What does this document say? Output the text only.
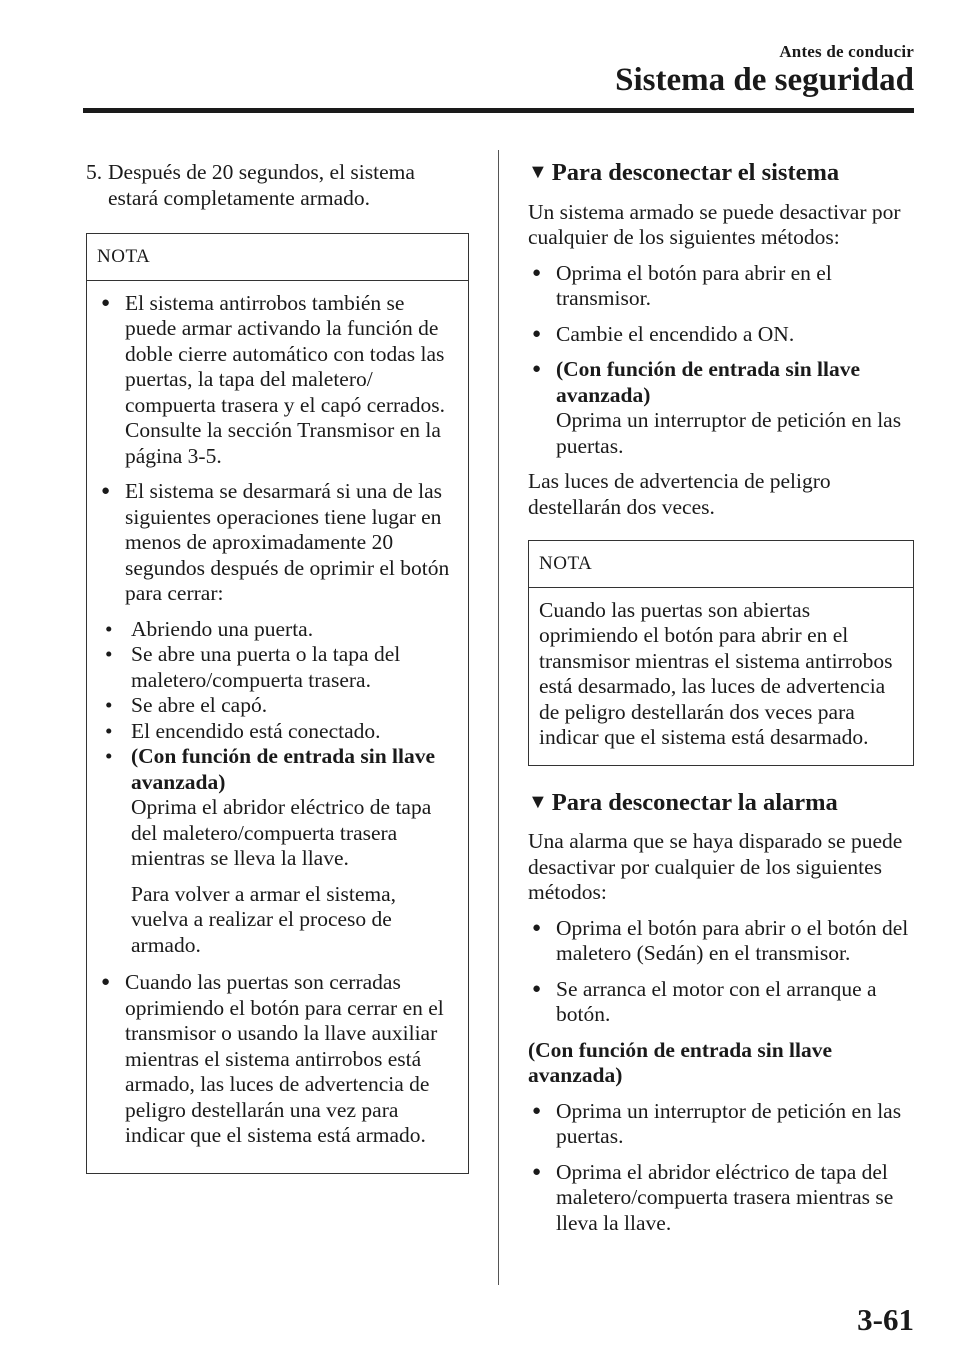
Antes de conducir
Sistema de seguridad
5. Después de 20 segundos, el sistema estará completamente armado.
NOTA
● El sistema antirrobos también se puede armar activando la función de doble cierre automático con todas las puertas, la tapa del maletero/ compuerta trasera y el capó cerrados. Consulte la sección Transmisor en la página 3-5.
● El sistema se desarmará si una de las siguientes operaciones tiene lugar en menos de aproximadamente 20 segundos después de oprimir el botón para cerrar:
• Abriendo una puerta.
• Se abre una puerta o la tapa del maletero/compuerta trasera.
• Se abre el capó.
• El encendido está conectado.
• (Con función de entrada sin llave avanzada)
Oprima el abridor eléctrico de tapa del maletero/compuerta trasera mientras se lleva la llave.
Para volver a armar el sistema, vuelva a realizar el proceso de armado.
● Cuando las puertas son cerradas oprimiendo el botón para cerrar en el transmisor o usando la llave auxiliar mientras el sistema antirrobos está armado, las luces de advertencia de peligro destellarán una vez para indicar que el sistema está armado.
▼ Para desconectar el sistema
Un sistema armado se puede desactivar por cualquier de los siguientes métodos:
● Oprima el botón para abrir en el transmisor.
● Cambie el encendido a ON.
● (Con función de entrada sin llave avanzada)
Oprima un interruptor de petición en las puertas.
Las luces de advertencia de peligro destellarán dos veces.
NOTA
Cuando las puertas son abiertas oprimiendo el botón para abrir en el transmisor mientras el sistema antirrobos está desarmado, las luces de advertencia de peligro destellarán dos veces para indicar que el sistema está desarmado.
▼ Para desconectar la alarma
Una alarma que se haya disparado se puede desactivar por cualquier de los siguientes métodos:
● Oprima el botón para abrir o el botón del maletero (Sedán) en el transmisor.
● Se arranca el motor con el arranque a botón.
(Con función de entrada sin llave avanzada)
● Oprima un interruptor de petición en las puertas.
● Oprima el abridor eléctrico de tapa del maletero/compuerta trasera mientras se lleva la llave.
3-61
